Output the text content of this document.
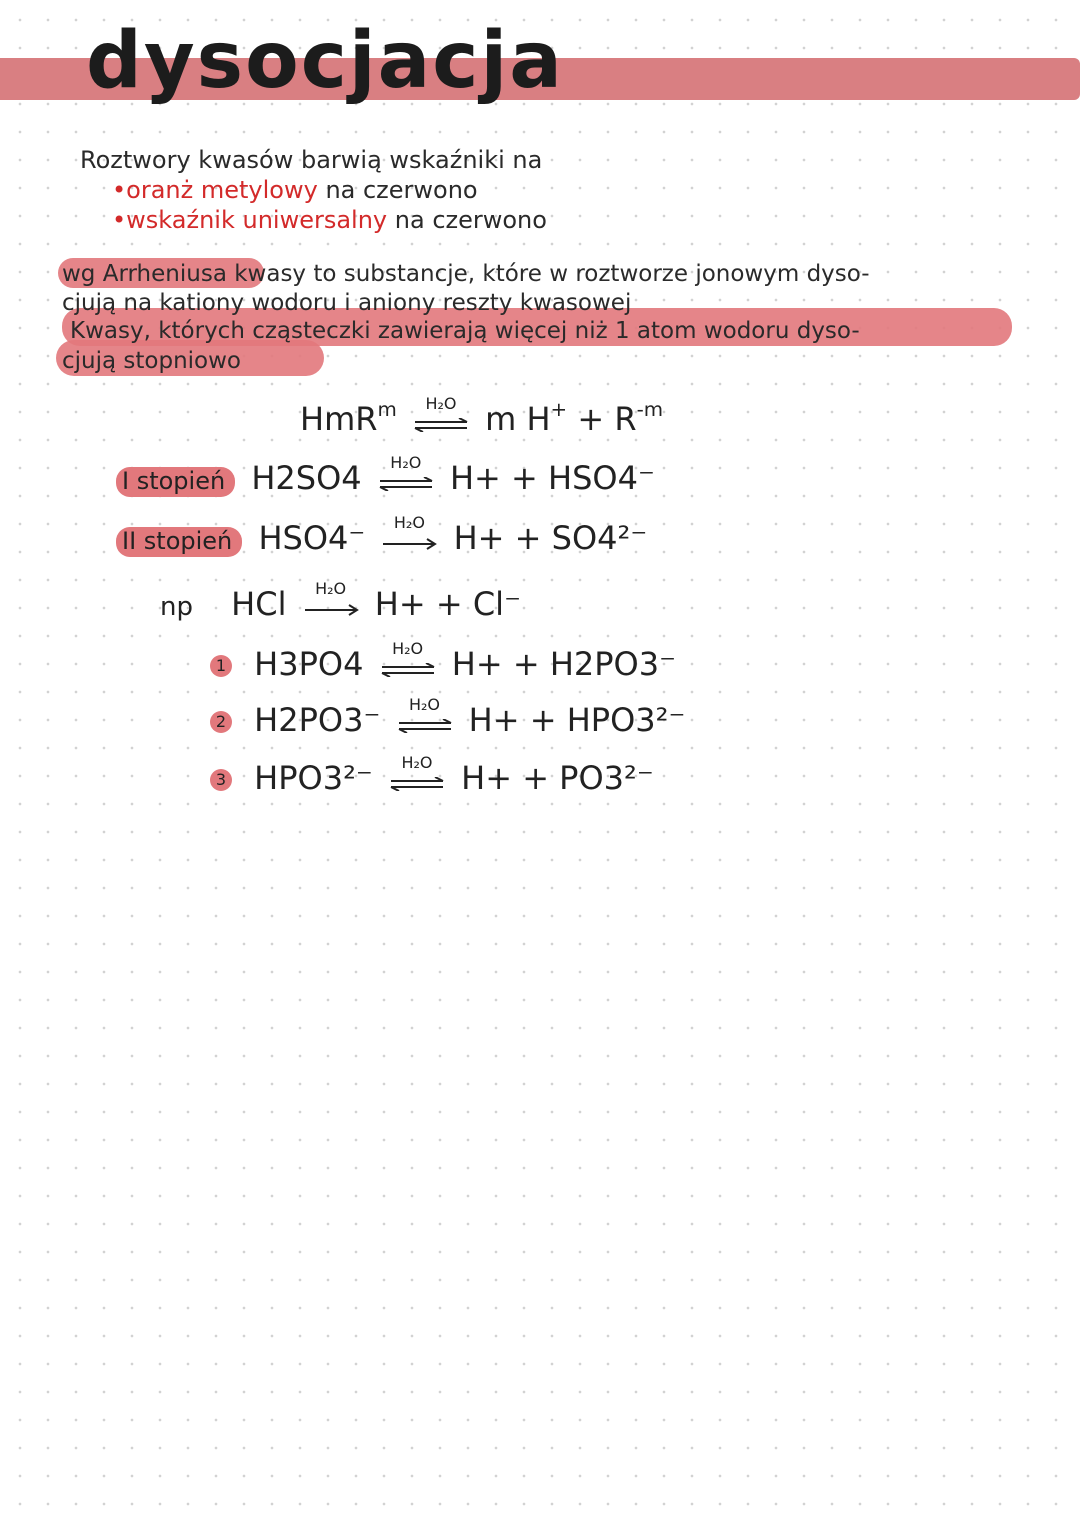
dysocjacja
Roztwory kwasów barwią wskaźniki na
•oranż metylowy na czerwono
•wskaźnik uniwersalny na czerwono
wg Arrheniusa kwasy to substancje, które w roztworze jonowym dyso-
cjują na kationy wodoru i aniony reszty kwasowej
Kwasy, których cząsteczki zawierają więcej niż 1 atom wodoru dyso-
cjują stopniowo
HmR$^m$	H₂O m $H^+ + R^{-m}$
I stopień H2SO4	H₂O H+ + HSO4⁻
II stopień HSO4⁻	H₂O H+ + SO4²⁻
np HCl	H₂O H+ + Cl⁻
1 H3PO4	H₂O H+ + H2PO3⁻
2 H2PO3⁻	H₂O H+ + HPO3²⁻
3 HPO3²⁻	H₂O H+ + PO3²⁻
